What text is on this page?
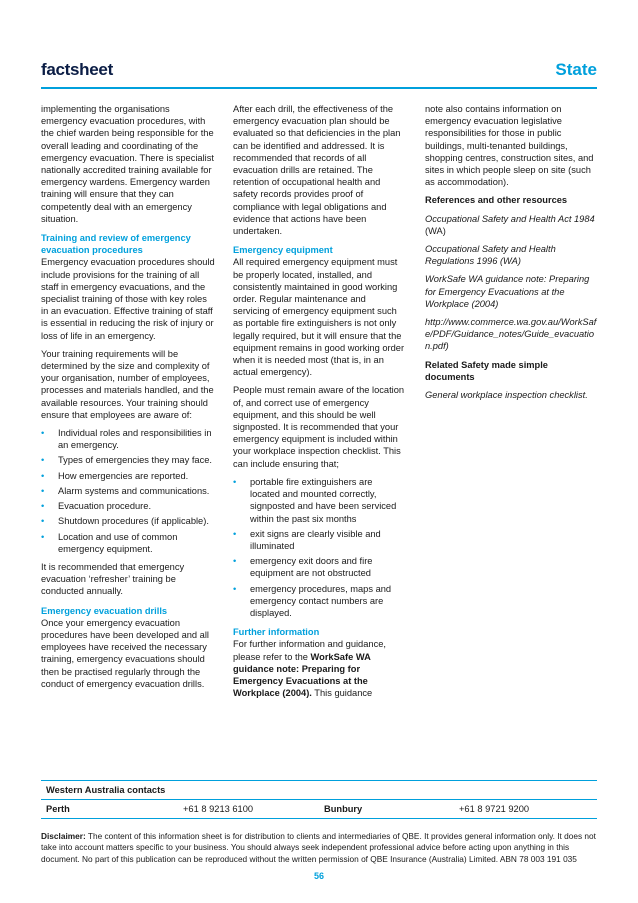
factsheet	State

implementing the organisations emergency evacuation procedures, with the chief warden being responsible for the overall leading and coordinating of the emergency evacuation. There is specialist nationally accredited training available for emergency wardens. Emergency warden training will ensure that they can competently deal with an emergency situation.

Training and review of emergency evacuation procedures

Emergency evacuation procedures should include provisions for the training of all staff in emergency evacuations, and the specialist training of those with key roles in an evacuation. Effective training of staff is essential in reducing the risk of injury or loss of life in an emergency.

Your training requirements will be determined by the size and complexity of your organisation, number of employees, processes and materials handled, and the available resources. Your training should ensure that employees are aware of:

• Individual roles and responsibilities in an emergency.
• Types of emergencies they may face.
• How emergencies are reported.
• Alarm systems and communications.
• Evacuation procedure.
• Shutdown procedures (if applicable).
• Location and use of common emergency equipment.

It is recommended that emergency evacuation ‘refresher’ training be conducted annually.

Emergency evacuation drills

Once your emergency evacuation procedures have been developed and all employees have received the necessary training, emergency evacuations should then be practised regularly through the conduct of emergency evacuation drills.

After each drill, the effectiveness of the emergency evacuation plan should be evaluated so that deficiencies in the plan can be identified and addressed. It is recommended that records of all evacuation drills are retained. The retention of occupational health and safety records provides proof of compliance with legal obligations and evidence that actions have been undertaken.

Emergency equipment

All required emergency equipment must be properly located, installed, and consistently maintained in good working order. Regular maintenance and servicing of emergency equipment such as portable fire extinguishers is not only legally required, but it will ensure that the equipment remains in good working order when it is needed most (that is, in an actual emergency).

People must remain aware of the location of, and correct use of emergency equipment, and this should be well signposted. It is recommended that your emergency equipment is included within your workplace inspection checklist. This can include ensuring that;

• portable fire extinguishers are located and mounted correctly, signposted and have been serviced within the past six months
• exit signs are clearly visible and illuminated
• emergency exit doors and fire equipment are not obstructed
• emergency procedures, maps and emergency contact numbers are displayed.
Further information

For further information and guidance, please refer to the WorkSafe WA guidance note: Preparing for Emergency Evacuations at the Workplace (2004). This guidance

note also contains information on emergency evacuation legislative responsibilities for those in public buildings, multi-tenanted buildings, shopping centres, construction sites, and sites in which people sleep on site (such as accommodation).

References and other resources

Occupational Safety and Health Act 1984 (WA)

Occupational Safety and Health Regulations 1996 (WA)

WorkSafe WA guidance note: Preparing for Emergency Evacuations at the Workplace (2004)

http://www.commerce.wa.gov.au/WorkSafe/PDF/Guidance_notes/Guide_evacuation.pdf)

Related Safety made simple documents

General workplace inspection checklist.

Western Australia contacts
Perth	+61 8 9213 6100	Bunbury	+61 8 9721 9200
Disclaimer: The content of this information sheet is for distribution to clients and intermediaries of QBE. It provides general information only. It does not take into account matters specific to your business. You should always seek independent professional advice before acting upon anything in this document. No part of this publication can be reproduced without the written permission of QBE Insurance (Australia) Limited. ABN 78 003 191 035
56
